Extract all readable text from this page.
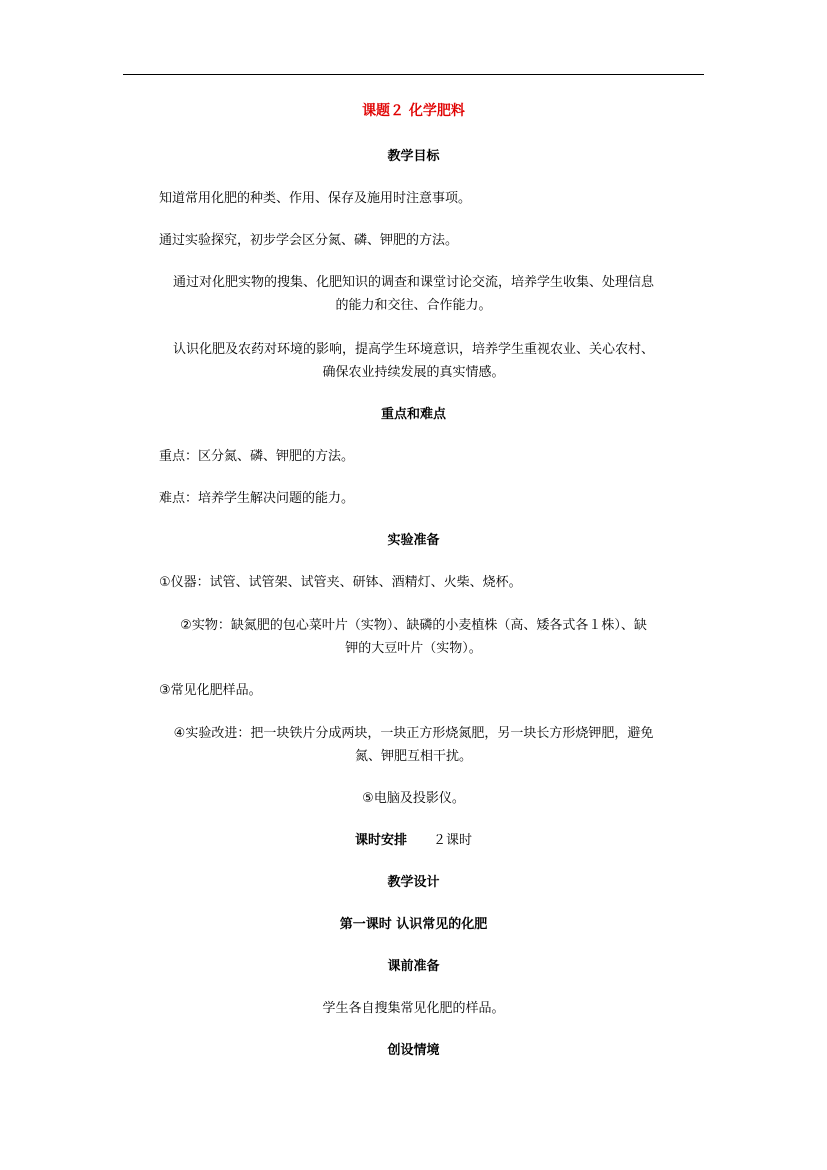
课题２ 化学肥料
教学目标
知道常用化肥的种类、作用、保存及施用时注意事项。
通过实验探究，初步学会区分氮、磷、钾肥的方法。
通过对化肥实物的搜集、化肥知识的调查和课堂讨论交流，培养学生收集、处理信息
的能力和交往、合作能力。
认识化肥及农药对环境的影响，提高学生环境意识，培养学生重视农业、关心农村、
确保农业持续发展的真实情感。
重点和难点
重点：区分氮、磷、钾肥的方法。
难点：培养学生解决问题的能力。
实验准备
①仪器：试管、试管架、试管夹、研钵、酒精灯、火柴、烧杯。
②实物：缺氮肥的包心菜叶片（实物）、缺磷的小麦植株（高、矮各式各１株）、缺
钾的大豆叶片（实物）。
③常见化肥样品。
④实验改进：把一块铁片分成两块，一块正方形烧氮肥，另一块长方形烧钾肥，避免
氮、钾肥互相干扰。
⑤电脑及投影仪。
课时安排 ２课时
教学设计
第一课时 认识常见的化肥
课前准备
学生各自搜集常见化肥的样品。
创设情境
